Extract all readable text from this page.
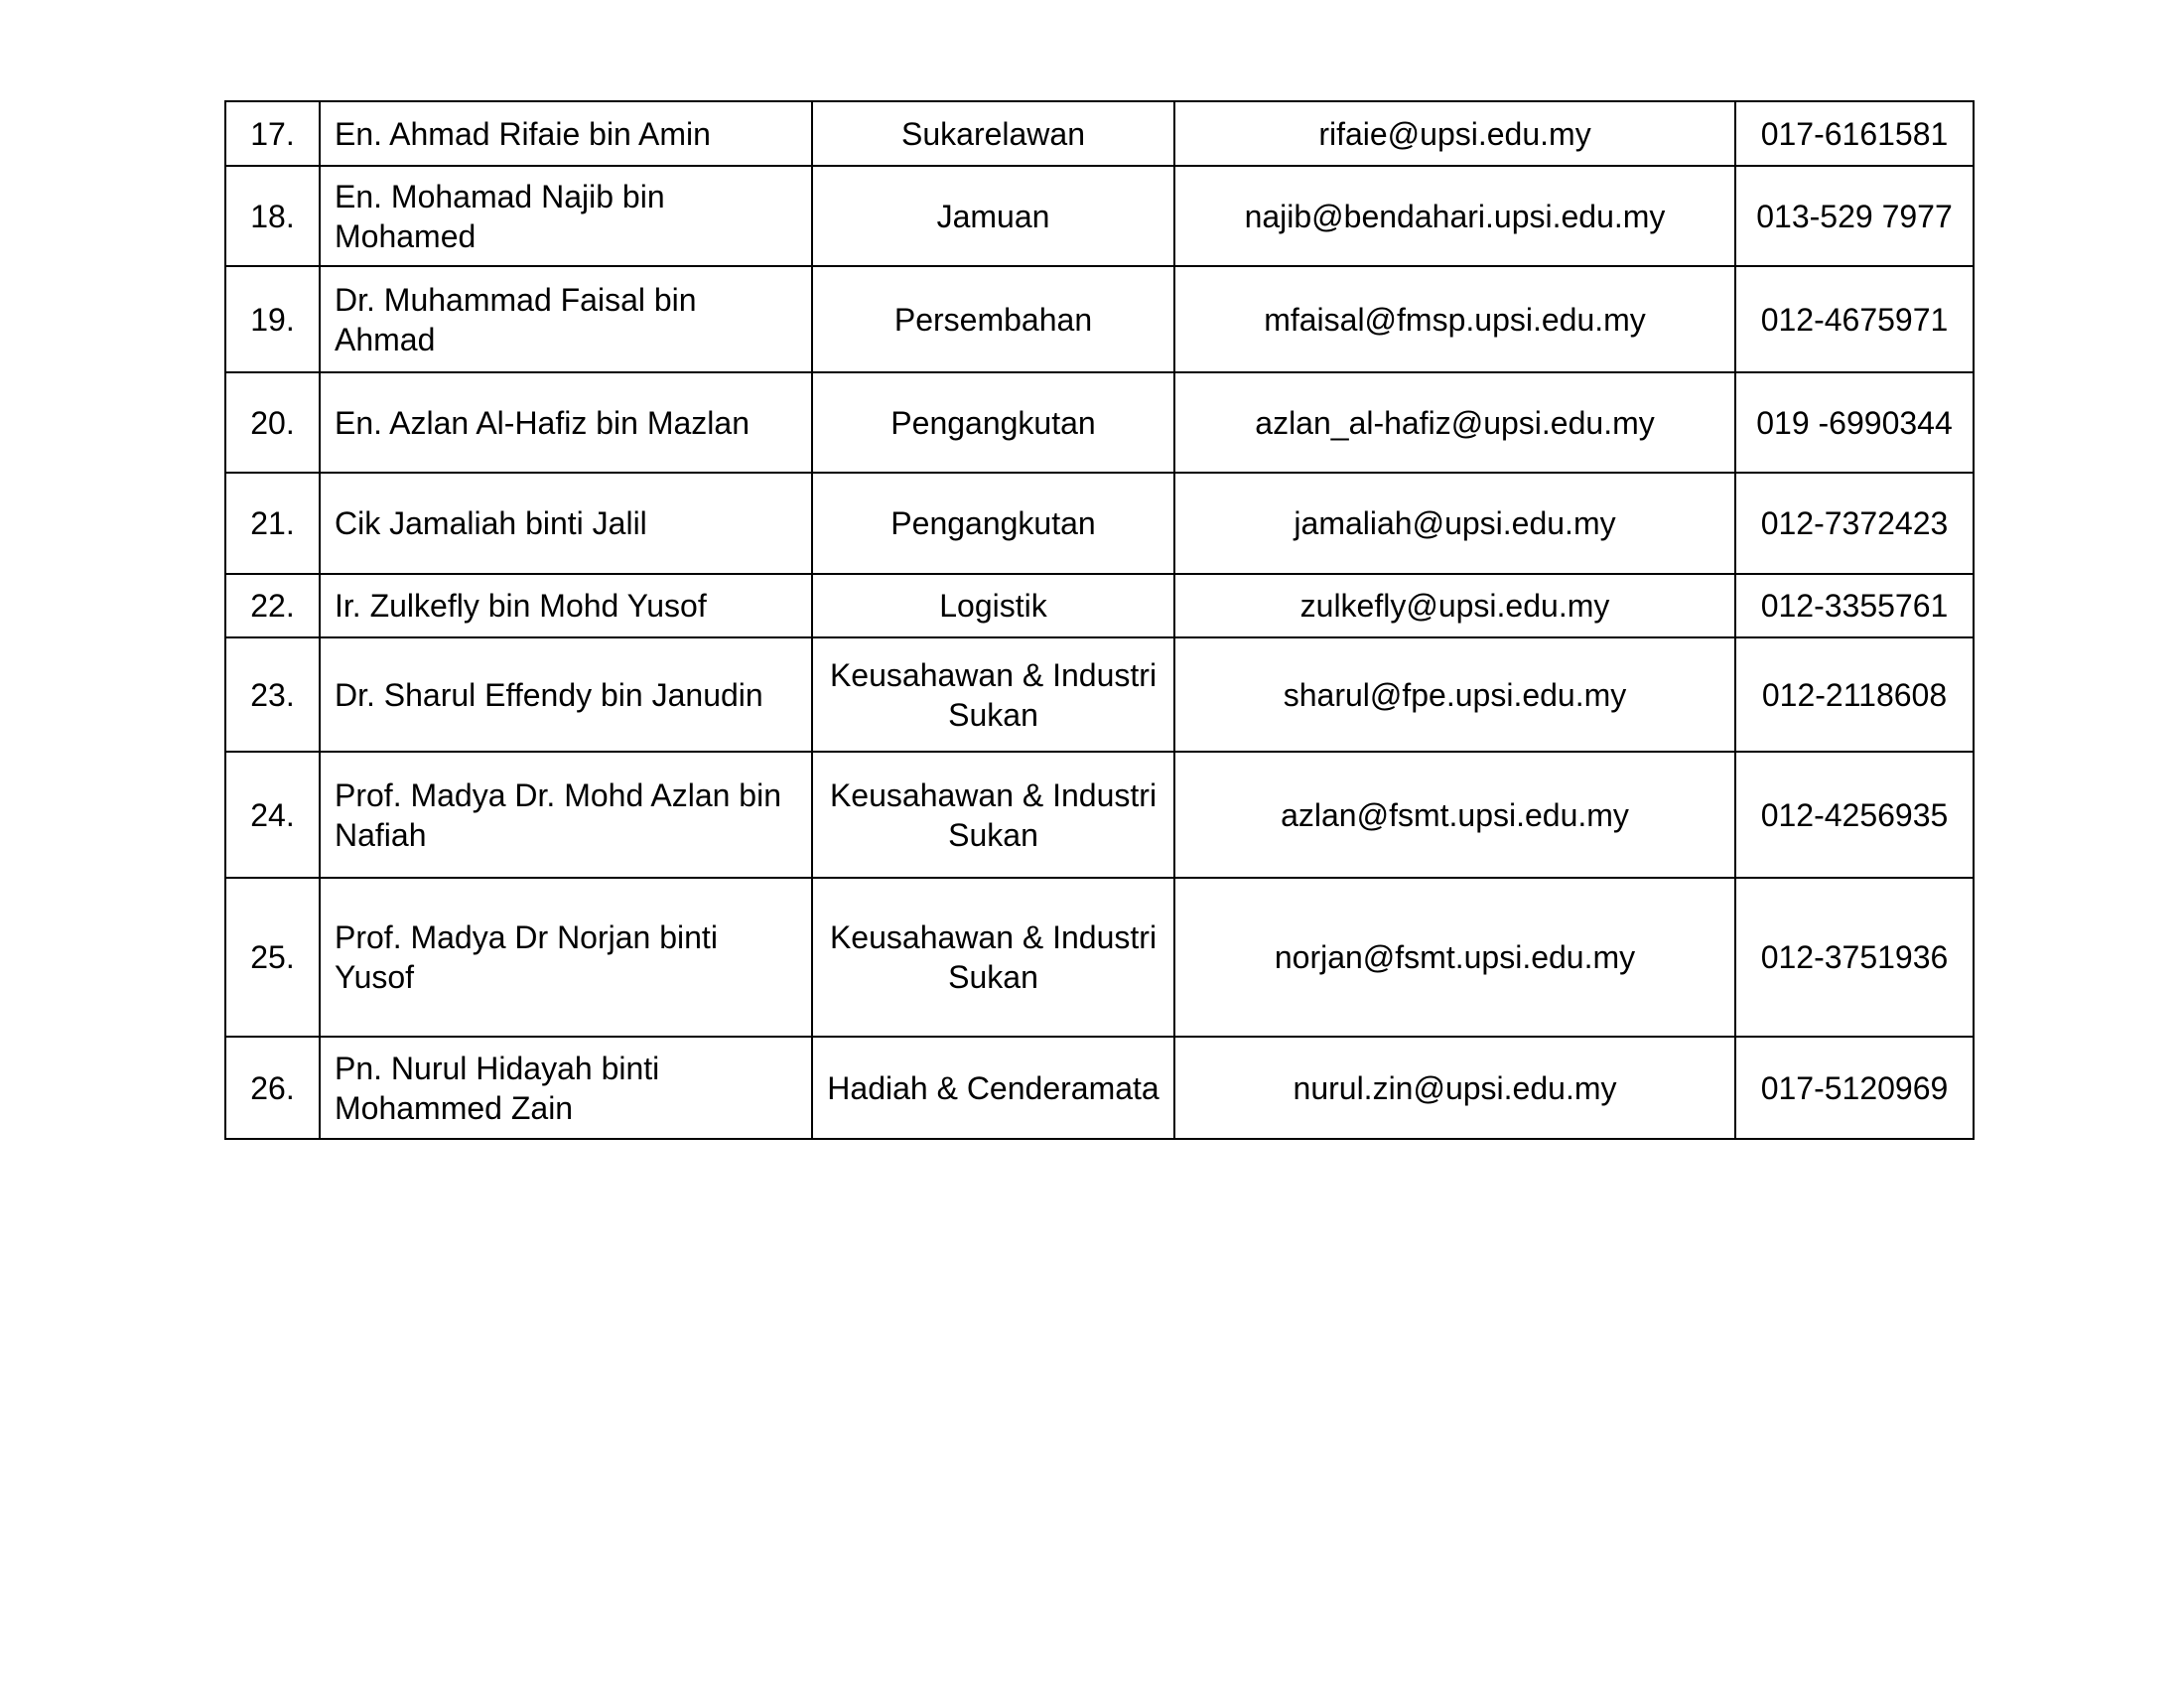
17.	En. Ahmad Rifaie bin Amin	Sukarelawan	rifaie@upsi.edu.my	017-6161581

18.	En. Mohamad Najib bin Mohamed	Jamuan	najib@bendahari.upsi.edu.my	013-529 7977

19.	Dr. Muhammad Faisal bin Ahmad	Persembahan	mfaisal@fmsp.upsi.edu.my	012-4675971

20.	En. Azlan Al-Hafiz bin Mazlan	Pengangkutan	azlan_al-hafiz@upsi.edu.my	019 -6990344

21.	Cik Jamaliah binti Jalil	Pengangkutan	jamaliah@upsi.edu.my	012-7372423

22.	Ir. Zulkefly bin Mohd Yusof	Logistik	zulkefly@upsi.edu.my	012-3355761

23.	Dr. Sharul Effendy bin Janudin	Keusahawan & Industri Sukan	sharul@fpe.upsi.edu.my	012-2118608

24.	Prof. Madya Dr. Mohd Azlan bin Nafiah	Keusahawan & Industri Sukan	azlan@fsmt.upsi.edu.my	012-4256935

25.	Prof. Madya Dr Norjan binti Yusof	Keusahawan & Industri Sukan	norjan@fsmt.upsi.edu.my	012-3751936

26.	Pn. Nurul Hidayah binti Mohammed Zain	Hadiah & Cenderamata	nurul.zin@upsi.edu.my	017-5120969
